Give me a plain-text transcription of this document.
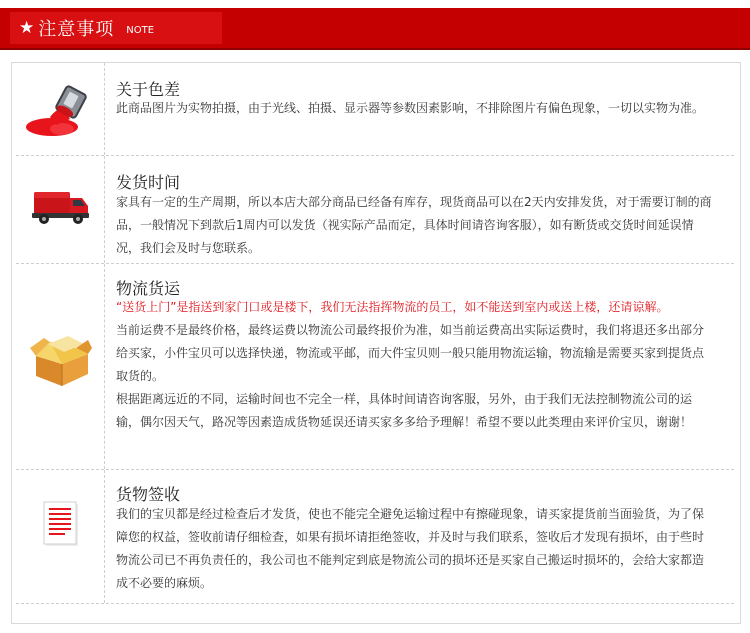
★ 注意事项 NOTE
关于色差

此商品图片为实物拍摄，由于光线、拍摄、显示器等参数因素影响，不排除图片有偏色现象，一切以实物为准。

发货时间

家具有一定的生产周期，所以本店大部分商品已经备有库存，现货商品可以在2天内安排发货，对于需要订制的商品，一般情况下到款后1周内可以发货（视实际产品而定，具体时间请咨询客服），如有断货或交货时间延误情况，我们会及时与您联系。

物流货运

“送货上门”是指送到家门口或是楼下，我们无法指挥物流的员工，如不能送到室内或送上楼，还请谅解。

当前运费不是最终价格，最终运费以物流公司最终报价为准，如当前运费高出实际运费时，我们将退还多出部分给买家，小件宝贝可以选择快递，物流或平邮，而大件宝贝则一般只能用物流运输，物流输是需要买家到提货点取货的。

根据距离远近的不同，运输时间也不完全一样，具体时间请咨询客服，另外，由于我们无法控制物流公司的运输，偶尔因天气，路况等因素造成货物延误还请买家多多给予理解！希望不要以此类理由来评价宝贝，谢谢！

货物签收

我们的宝贝都是经过检查后才发货，使也不能完全避免运输过程中有擦碰现象，请买家提货前当面验货，为了保障您的权益，签收前请仔细检查，如果有损坏请拒绝签收，并及时与我们联系，签收后才发现有损坏，由于些时物流公司已不再负责任的，我公司也不能判定到底是物流公司的损坏还是买家自己搬运时损坏的，会给大家都造成不必要的麻烦。
